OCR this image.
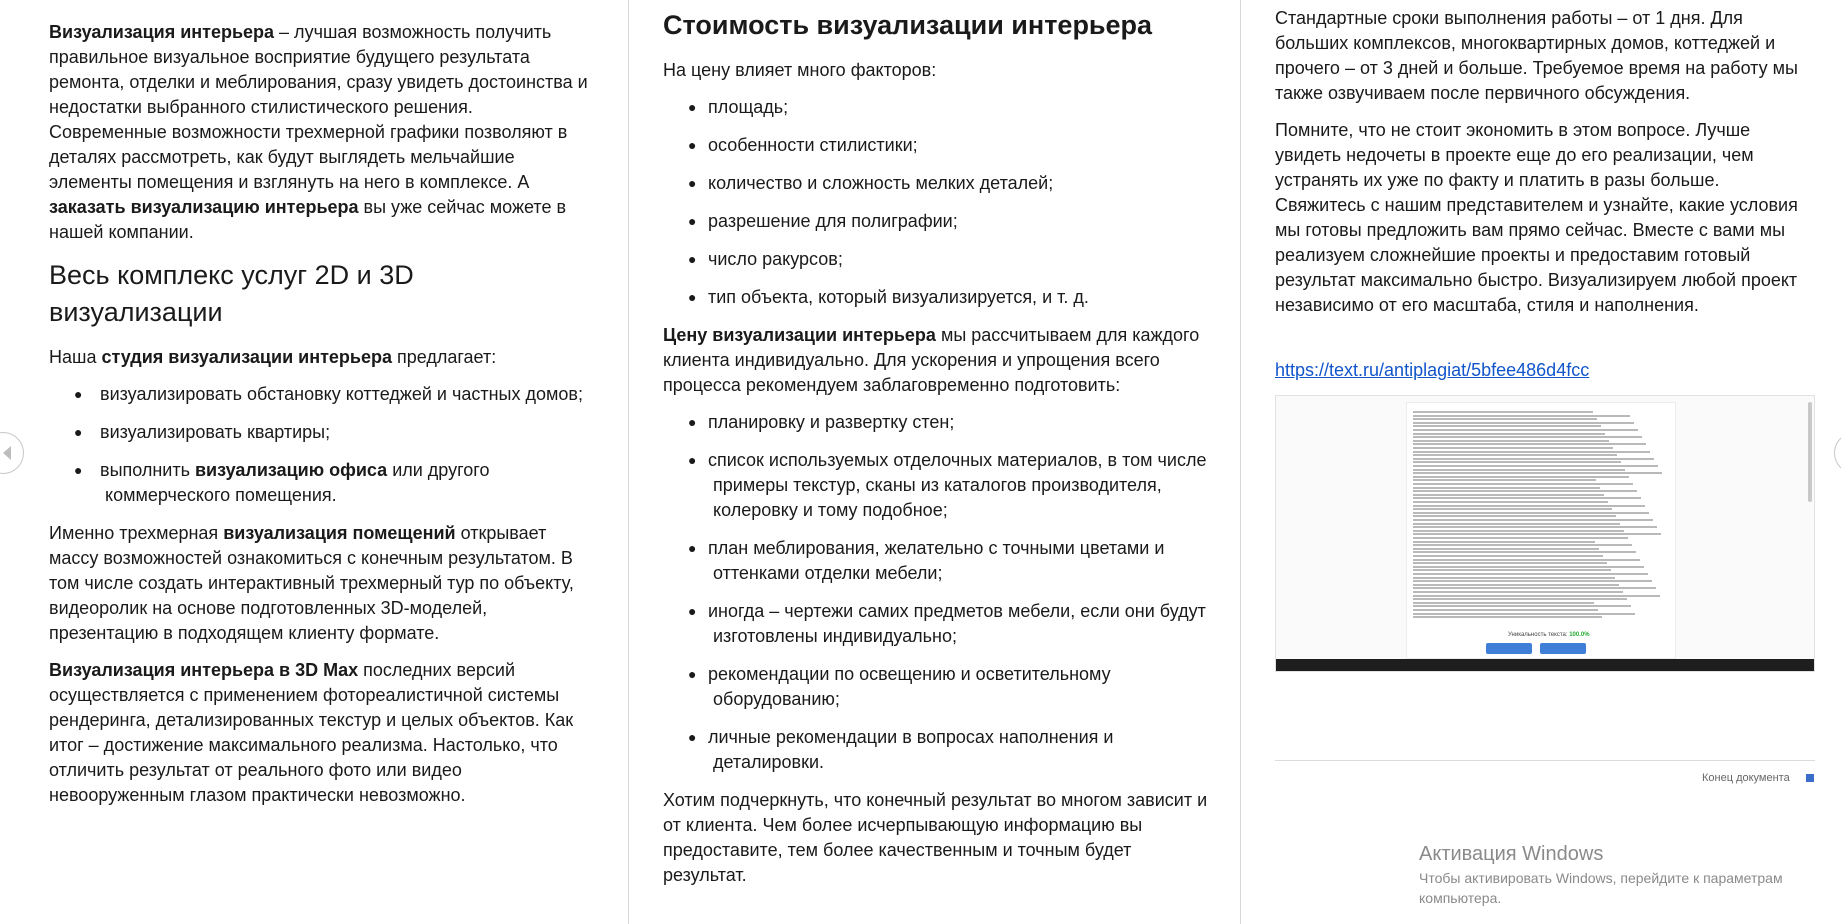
Визуализация интерьера – лучшая возможность получить правильное визуальное восприятие будущего результата ремонта, отделки и меблирования, сразу увидеть достоинства и недостатки выбранного стилистического решения. Современные возможности трехмерной графики позволяют в деталях рассмотреть, как будут выглядеть мельчайшие элементы помещения и взглянуть на него в комплексе. А заказать визуализацию интерьера вы уже сейчас можете в нашей компании.

Весь комплекс услуг 2D и 3D визуализации

Наша студия визуализации интерьера предлагает:

● визуализировать обстановку коттеджей и частных домов;
● визуализировать квартиры;
● выполнить визуализацию офиса или другого коммерческого помещения.

Именно трехмерная визуализация помещений открывает массу возможностей ознакомиться с конечным результатом. В том числе создать интерактивный трехмерный тур по объекту, видеоролик на основе подготовленных 3D-моделей, презентацию в подходящем клиенту формате.

Визуализация интерьера в 3D Max последних версий осуществляется с применением фотореалистичной системы рендеринга, детализированных текстур и целых объектов. Как итог – достижение максимального реализма. Настолько, что отличить результат от реального фото или видео невооруженным глазом практически невозможно.

Стоимость визуализации интерьера

На цену влияет много факторов:

● площадь;
● особенности стилистики;
● количество и сложность мелких деталей;
● разрешение для полиграфии;
● число ракурсов;
● тип объекта, который визуализируется, и т. д.

Цену визуализации интерьера мы рассчитываем для каждого клиента индивидуально. Для ускорения и упрощения всего процесса рекомендуем заблаговременно подготовить:

● планировку и развертку стен;
● список используемых отделочных материалов, в том числе примеры текстур, сканы из каталогов производителя, колеровку и тому подобное;
● план меблирования, желательно с точными цветами и оттенками отделки мебели;
● иногда – чертежи самих предметов мебели, если они будут изготовлены индивидуально;
● рекомендации по освещению и осветительному оборудованию;
● личные рекомендации в вопросах наполнения и деталировки.

Хотим подчеркнуть, что конечный результат во многом зависит и от клиента. Чем более исчерпывающую информацию вы предоставите, тем более качественным и точным будет результат.

Стандартные сроки выполнения работы – от 1 дня. Для больших комплексов, многоквартирных домов, коттеджей и прочего – от 3 дней и больше. Требуемое время на работу мы также озвучиваем после первичного обсуждения.

Помните, что не стоит экономить в этом вопросе. Лучше увидеть недочеты в проекте еще до его реализации, чем устранять их уже по факту и платить в разы больше. Свяжитесь с нашим представителем и узнайте, какие условия мы готовы предложить вам прямо сейчас. Вместе с вами мы реализуем сложнейшие проекты и предоставим готовый результат максимально быстро. Визуализируем любой проект независимо от его масштаба, стиля и наполнения.

https://text.ru/antiplagiat/5bfee486d4fcc
Уникальность текста: 100.0%
Конец документа
Активация Windows
Чтобы активировать Windows, перейдите к параметрам компьютера.
